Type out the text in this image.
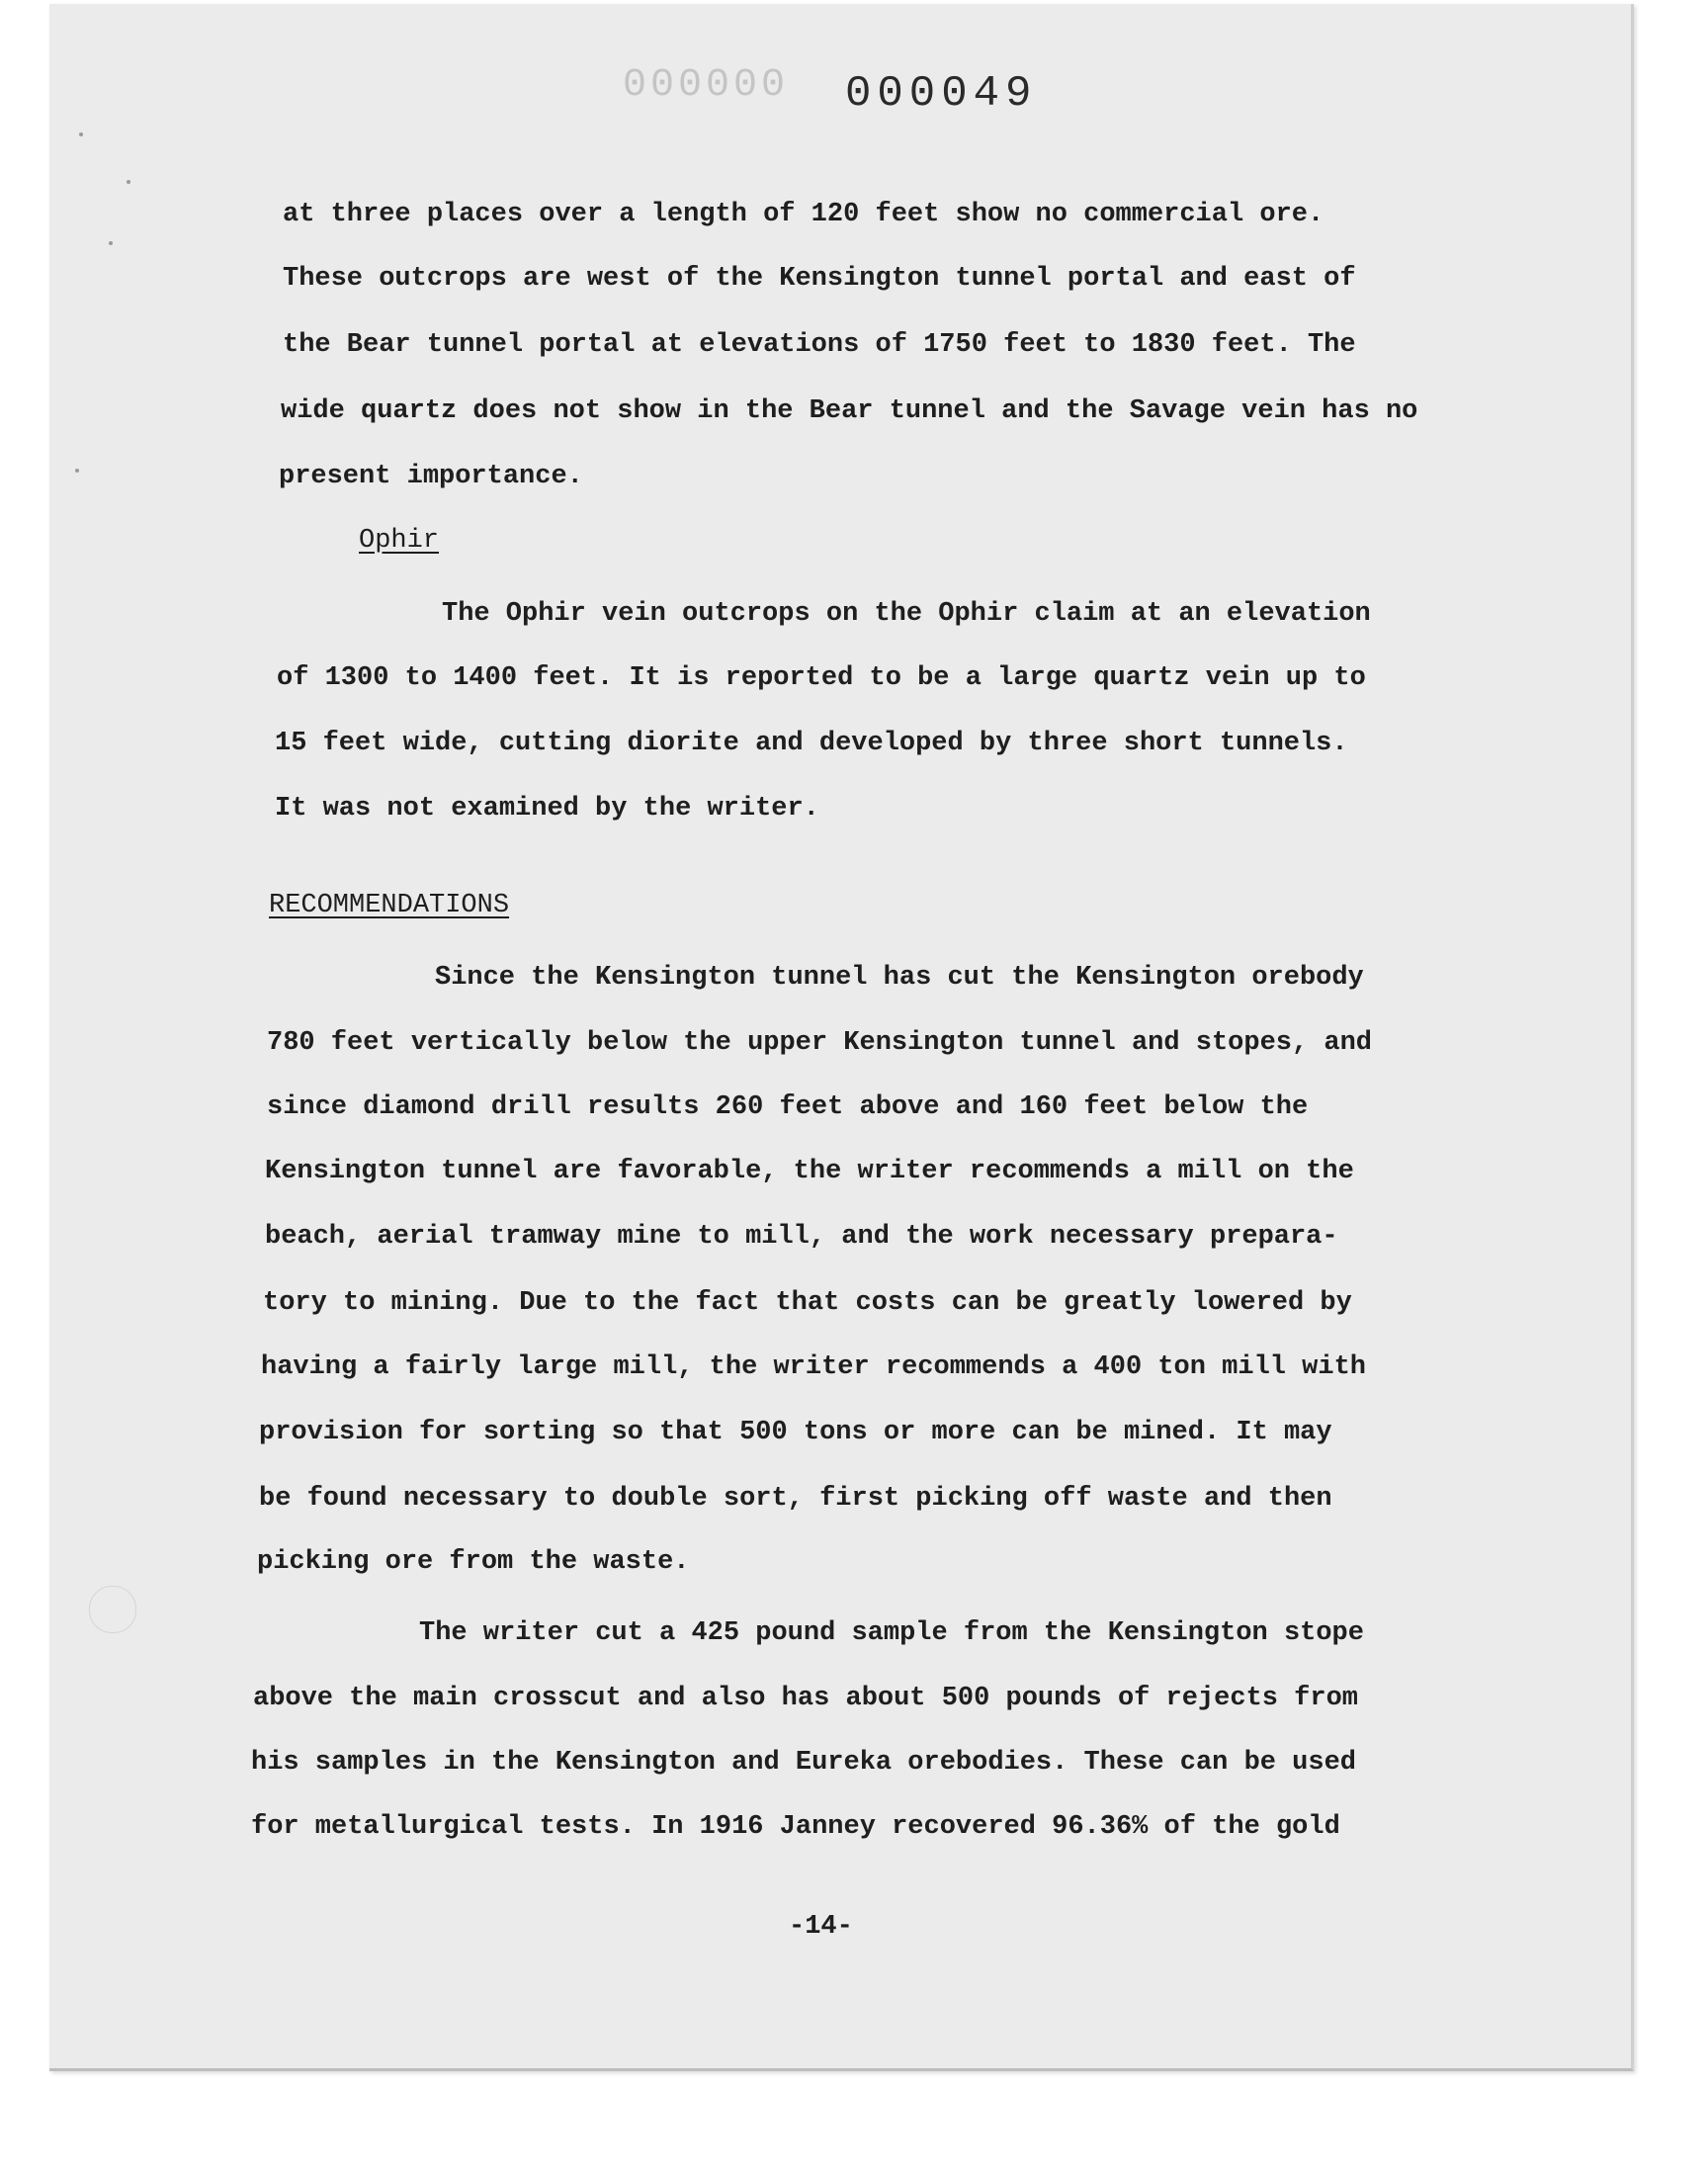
000000 000049
at three places over a length of 120 feet show no commercial ore.
These outcrops are west of the Kensington tunnel portal and east of
the Bear tunnel portal at elevations of 1750 feet to 1830 feet. The
wide quartz does not show in the Bear tunnel and the Savage vein has no
present importance.
Ophir
The Ophir vein outcrops on the Ophir claim at an elevation
of 1300 to 1400 feet. It is reported to be a large quartz vein up to
15 feet wide, cutting diorite and developed by three short tunnels.
It was not examined by the writer.
RECOMMENDATIONS
Since the Kensington tunnel has cut the Kensington orebody
780 feet vertically below the upper Kensington tunnel and stopes, and
since diamond drill results 260 feet above and 160 feet below the
Kensington tunnel are favorable, the writer recommends a mill on the
beach, aerial tramway mine to mill, and the work necessary prepara-
tory to mining. Due to the fact that costs can be greatly lowered by
having a fairly large mill, the writer recommends a 400 ton mill with
provision for sorting so that 500 tons or more can be mined. It may
be found necessary to double sort, first picking off waste and then
picking ore from the waste.
The writer cut a 425 pound sample from the Kensington stope
above the main crosscut and also has about 500 pounds of rejects from
his samples in the Kensington and Eureka orebodies. These can be used
for metallurgical tests. In 1916 Janney recovered 96.36% of the gold
-14-
